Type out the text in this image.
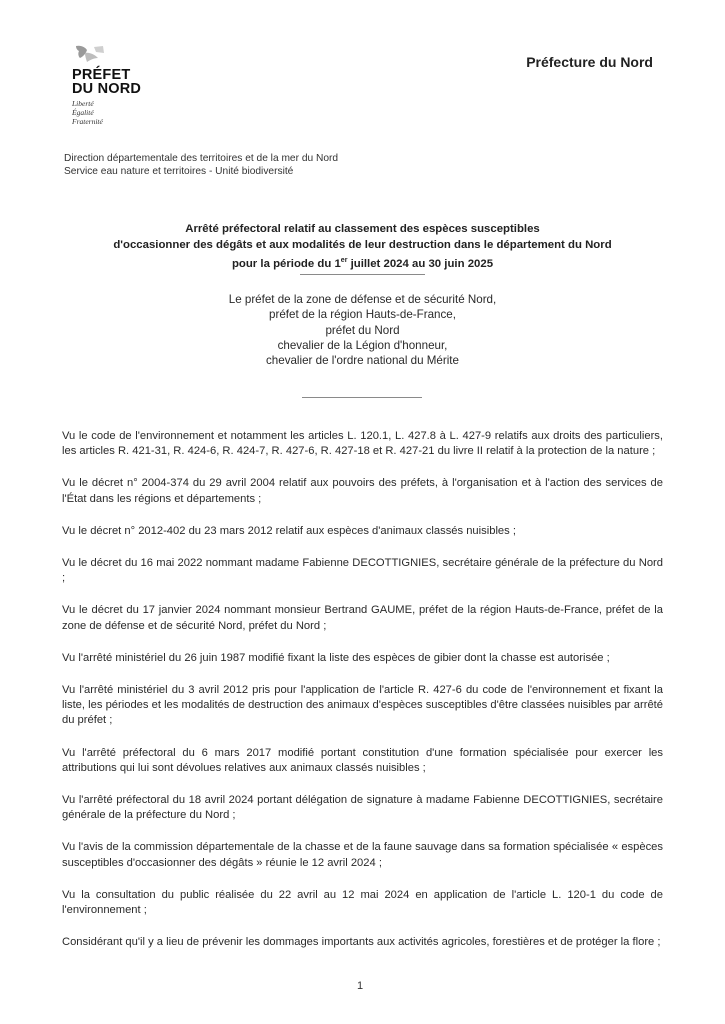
PRÉFET
DU NORD
Liberté
Égalité
Fraternité
Préfecture du Nord
Direction départementale des territoires et de la mer du Nord
Service eau nature et territoires - Unité biodiversité
Arrêté préfectoral relatif au classement des espèces susceptibles
d'occasionner des dégâts et aux modalités de leur destruction dans le département du Nord
pour la période du 1er juillet 2024 au 30 juin 2025
Le préfet de la zone de défense et de sécurité Nord,
préfet de la région Hauts-de-France,
préfet du Nord
chevalier de la Légion d'honneur,
chevalier de l'ordre national du Mérite

Vu le code de l'environnement et notamment les articles L. 120.1, L. 427.8 à L. 427-9 relatifs aux droits des particuliers, les articles R. 421-31, R. 424-6, R. 424-7, R. 427-6, R. 427-18 et R. 427-21 du livre II relatif à la protection de la nature ;

Vu le décret n° 2004-374 du 29 avril 2004 relatif aux pouvoirs des préfets, à l'organisation et à l'action des services de l'État dans les régions et départements ;

Vu le décret n° 2012-402 du 23 mars 2012 relatif aux espèces d'animaux classés nuisibles ;

Vu le décret du 16 mai 2022 nommant madame Fabienne DECOTTIGNIES, secrétaire générale de la préfecture du Nord ;

Vu le décret du 17 janvier 2024 nommant monsieur Bertrand GAUME, préfet de la région Hauts-de-France, préfet de la zone de défense et de sécurité Nord, préfet du Nord ;

Vu l'arrêté ministériel du 26 juin 1987 modifié fixant la liste des espèces de gibier dont la chasse est autorisée ;

Vu l'arrêté ministériel du 3 avril 2012 pris pour l'application de l'article R. 427-6 du code de l'environnement et fixant la liste, les périodes et les modalités de destruction des animaux d'espèces susceptibles d'être classées nuisibles par arrêté du préfet ;

Vu l'arrêté préfectoral du 6 mars 2017 modifié portant constitution d'une formation spécialisée pour exercer les attributions qui lui sont dévolues relatives aux animaux classés nuisibles ;

Vu l'arrêté préfectoral du 18 avril 2024 portant délégation de signature à madame Fabienne DECOTTIGNIES, secrétaire générale de la préfecture du Nord ;

Vu l'avis de la commission départementale de la chasse et de la faune sauvage dans sa formation spécialisée « espèces susceptibles d'occasionner des dégâts » réunie le 12 avril 2024 ;

Vu la consultation du public réalisée du 22 avril au 12 mai 2024 en application de l'article L. 120-1 du code de l'environnement ;

Considérant qu'il y a lieu de prévenir les dommages importants aux activités agricoles, forestières et de protéger la flore ;

1
